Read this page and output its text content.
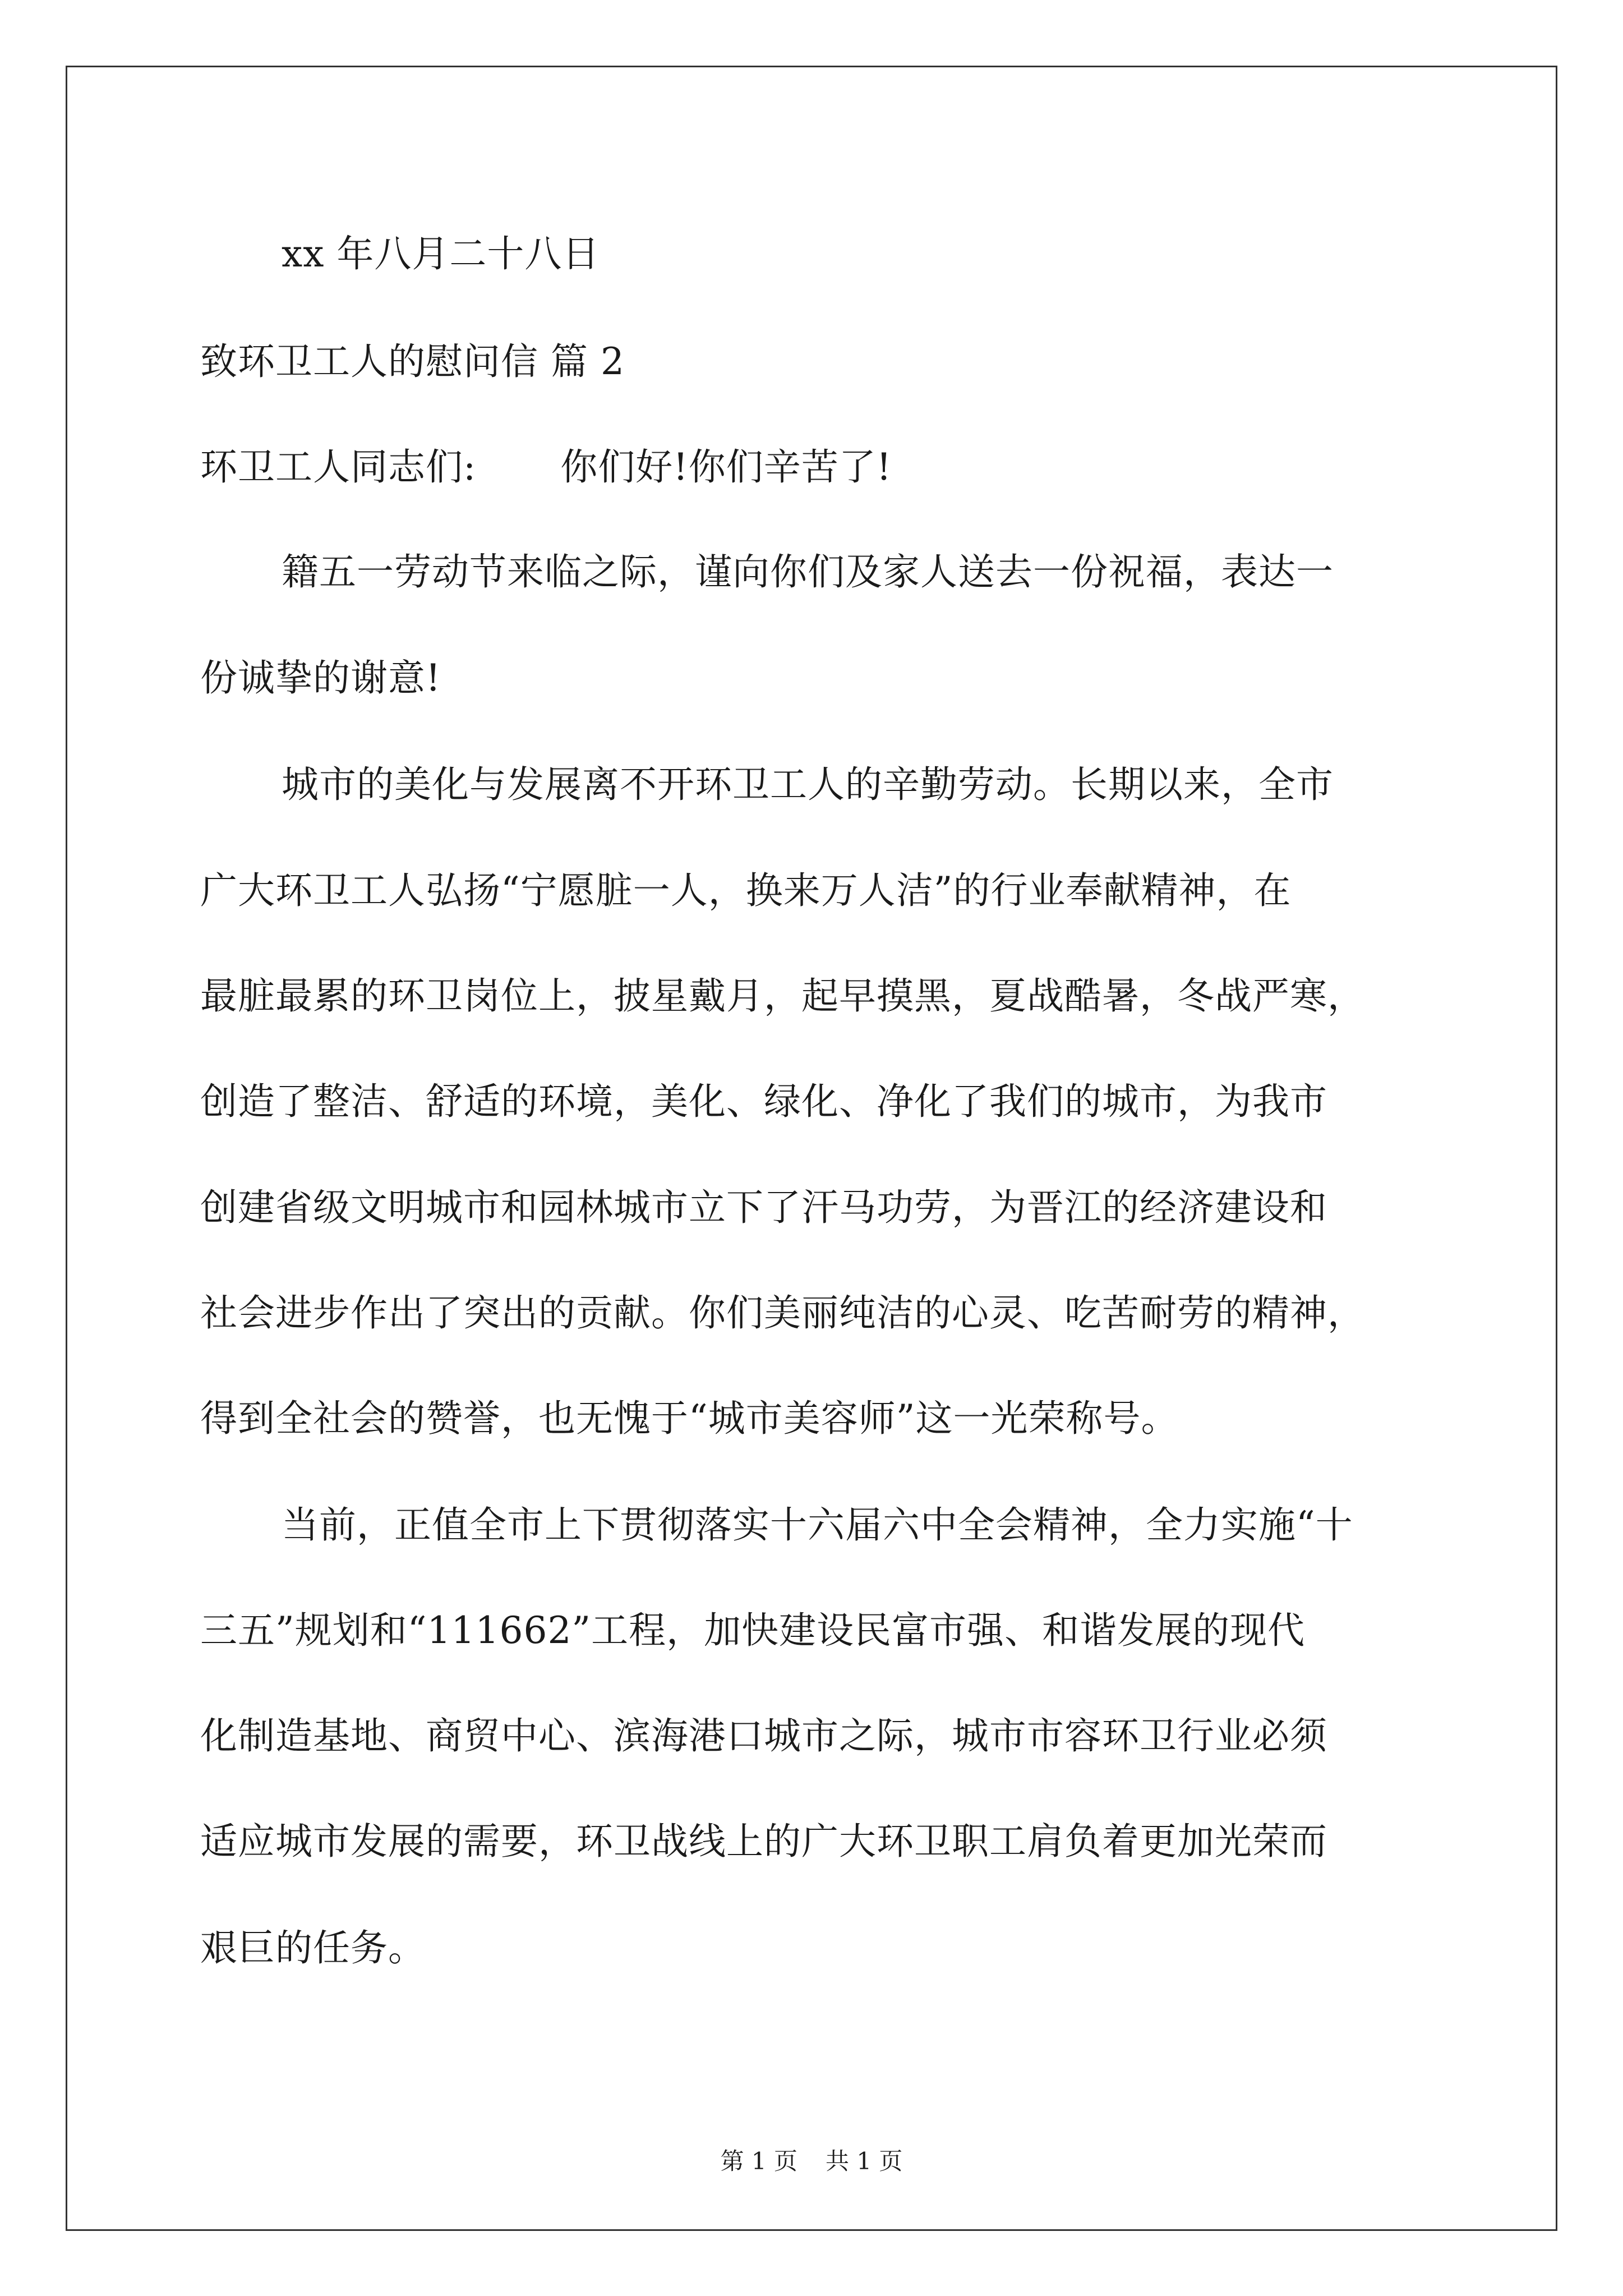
xx 年八月二十八日
致环卫工人的慰问信 篇 2
环卫工人同志们: 你们好!你们辛苦了!
籍五一劳动节来临之际，谨向你们及家人送去一份祝福，表达一
份诚挚的谢意!
城市的美化与发展离不开环卫工人的辛勤劳动。长期以来，全市
广大环卫工人弘扬“宁愿脏一人，换来万人洁”的行业奉献精神，在
最脏最累的环卫岗位上，披星戴月，起早摸黑，夏战酷暑，冬战严寒，
创造了整洁、舒适的环境，美化、绿化、净化了我们的城市，为我市
创建省级文明城市和园林城市立下了汗马功劳，为晋江的经济建设和
社会进步作出了突出的贡献。你们美丽纯洁的心灵、吃苦耐劳的精神，
得到全社会的赞誉，也无愧于“城市美容师”这一光荣称号。
当前，正值全市上下贯彻落实十六届六中全会精神，全力实施“十
三五”规划和“111662”工程，加快建设民富市强、和谐发展的现代
化制造基地、商贸中心、滨海港口城市之际，城市市容环卫行业必须
适应城市发展的需要，环卫战线上的广大环卫职工肩负着更加光荣而
艰巨的任务。
第 1 页 共 1 页
